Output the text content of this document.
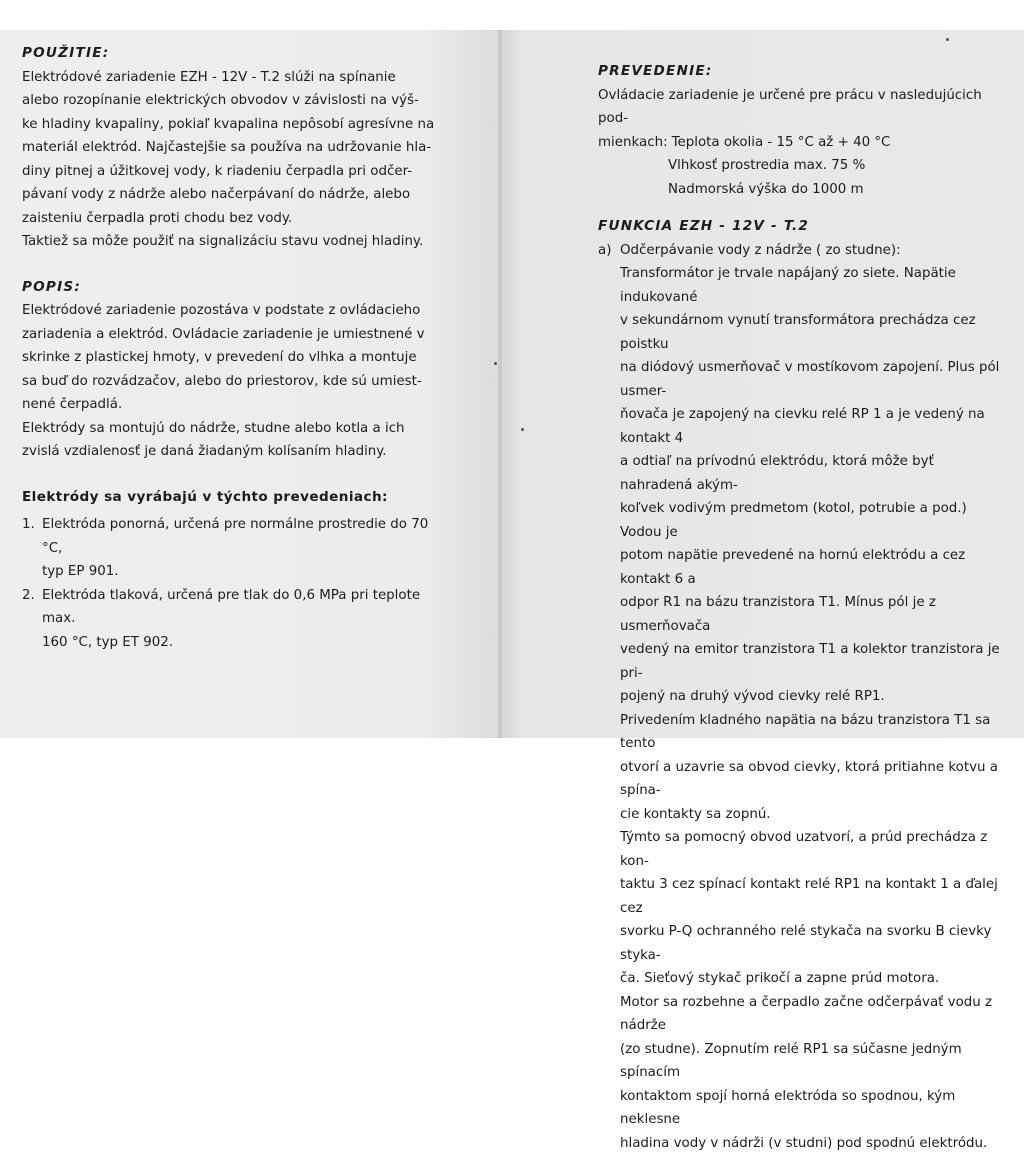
POUŽITIE:

Elektródové zariadenie EZH - 12V - T.2 slúži na spínanie

alebo rozopínanie elektrických obvodov v závislosti na výš-

ke hladiny kvapaliny, pokiaľ kvapalina nepôsobí agresívne na

materiál elektród. Najčastejšie sa používa na udržovanie hla-

diny pitnej a úžitkovej vody, k riadeniu čerpadla pri odčer-

pávaní vody z nádrže alebo načerpávaní do nádrže, alebo

zaisteniu čerpadla proti chodu bez vody.

Taktiež sa môže použiť na signalizáciu stavu vodnej hladiny.

POPIS:

Elektródové zariadenie pozostáva v podstate z ovládacieho

zariadenia a elektród. Ovládacie zariadenie je umiestnené v

skrinke z plastickej hmoty, v prevedení do vlhka a montuje

sa buď do rozvádzačov, alebo do priestorov, kde sú umiest-

nené čerpadlá.

Elektródy sa montujú do nádrže, studne alebo kotla a ich

zvislá vzdialenosť je daná žiadaným kolísaním hladiny.

Elektródy sa vyrábajú v týchto prevedeniach:

1. Elektróda ponorná, určená pre normálne prostredie do 70 °C,

typ EP 901.

2. Elektróda tlaková, určená pre tlak do 0,6 MPa pri teplote max.

160 °C, typ ET 902.

PREVEDENIE:

Ovládacie zariadenie je určené pre prácu v nasledujúcich pod-

mienkach: Teplota okolia - 15 °C až + 40 °C

Vlhkosť prostredia max. 75 %

Nadmorská výška do 1000 m

FUNKCIA EZH - 12V - T.2

a) Odčerpávanie vody z nádrže ( zo studne):

Transformátor je trvale napájaný zo siete. Napätie indukované

v sekundárnom vynutí transformátora prechádza cez poistku

na diódový usmerňovač v mostíkovom zapojení. Plus pól usmer-

ňovača je zapojený na cievku relé RP 1 a je vedený na kontakt 4

a odtiaľ na prívodnú elektródu, ktorá môže byť nahradená akým-

koľvek vodivým predmetom (kotol, potrubie a pod.) Vodou je

potom napätie prevedené na hornú elektródu a cez kontakt 6 a

odpor R1 na bázu tranzistora T1. Mínus pól je z usmerňovača

vedený na emitor tranzistora T1 a kolektor tranzistora je pri-

pojený na druhý vývod cievky relé RP1.

Privedením kladného napätia na bázu tranzistora T1 sa tento

otvorí a uzavrie sa obvod cievky, ktorá pritiahne kotvu a spína-

cie kontakty sa zopnú.

Týmto sa pomocný obvod uzatvorí, a prúd prechádza z kon-

taktu 3 cez spínací kontakt relé RP1 na kontakt 1 a ďalej cez

svorku P-Q ochranného relé stykača na svorku B cievky styka-

ča. Sieťový stykač prikočí a zapne prúd motora.

Motor sa rozbehne a čerpadlo začne odčerpávať vodu z nádrže

(zo studne). Zopnutím relé RP1 sa súčasne jedným spínacím

kontaktom spojí horná elektróda so spodnou, kým neklesne

hladina vody v nádrži (v studni) pod spodnú elektródu.
